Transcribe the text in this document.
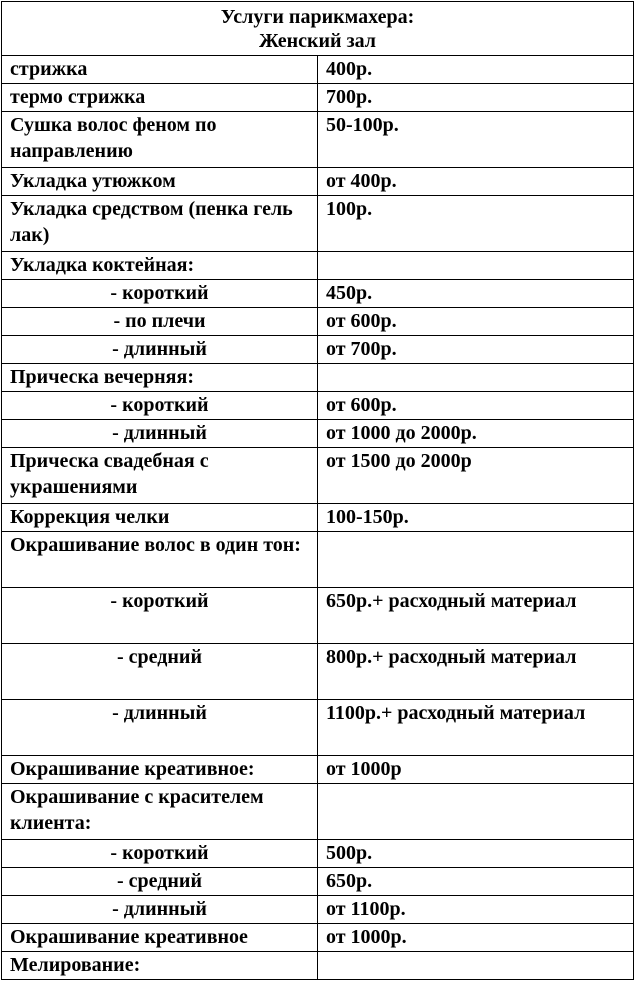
Услуги парикмахера:
Женский зал	

стрижка	400р.
термо стрижка	700р.
Сушка волос феном по направлению	50-100р.
Укладка утюжком	от 400р.
Укладка средством (пенка гель лак)	100р.
Укладка коктейная:	
- короткий	450р.
- по плечи	от 600р.
- длинный	от 700р.
Прическа вечерняя:	
- короткий	от 600р.
- длинный	от 1000 до 2000р.
Прическа свадебная с украшениями	от 1500 до 2000р
Коррекция челки	100-150р.
Окрашивание волос в один тон:	
- короткий	650р.+ расходный материал
- средний	800р.+ расходный материал
- длинный	1100р.+ расходный материал
Окрашивание креативное:	от 1000р
Окрашивание с красителем клиента:	
- короткий	500р.
- средний	650р.
- длинный	от 1100р.
Окрашивание креативное	от 1000р.
Мелирование:	
